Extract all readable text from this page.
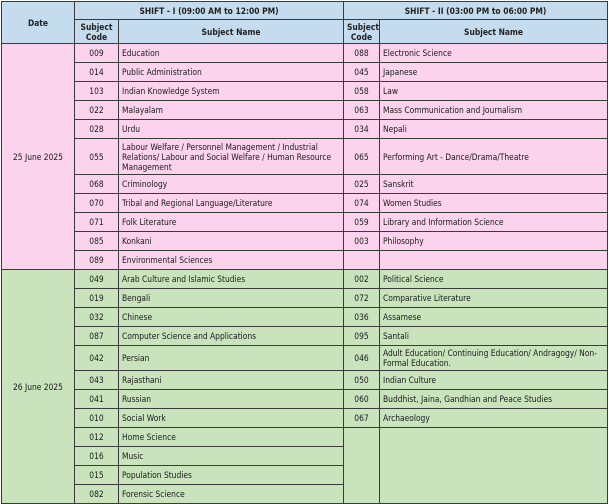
Date	SHIFT - I (09:00 AM to 12:00 PM)		SHIFT - II (03:00 PM to 06:00 PM)	
	Subject Code	Subject Name	Subject Code	Subject Name
25 June 2025	009	Education	088	Electronic Science
	014	Public Administration	045	Japanese
	103	Indian Knowledge System	058	Law
	022	Malayalam	063	Mass Communication and Journalism
	028	Urdu	034	Nepali
	055	Labour Welfare / Personnel Management / Industrial Relations/ Labour and Social Welfare / Human Resource Management	065	Performing Art - Dance/Drama/Theatre
	068	Criminology	025	Sanskrit
	070	Tribal and Regional Language/Literature	074	Women Studies
	071	Folk Literature	059	Library and Information Science
	085	Konkani	003	Philosophy
	089	Environmental Sciences		
26 June 2025	049	Arab Culture and Islamic Studies	002	Political Science
	019	Bengali	072	Comparative Literature
	032	Chinese	036	Assamese
	087	Computer Science and Applications	095	Santali
	042	Persian	046	Adult Education/ Continuing Education/ Andragogy/ Non-Formal Education.
	043	Rajasthani	050	Indian Culture
	041	Russian	060	Buddhist, Jaina, Gandhian and Peace Studies
	010	Social Work	067	Archaeology
	012	Home Science		
	016	Music		
	015	Population Studies		
	082	Forensic Science		
